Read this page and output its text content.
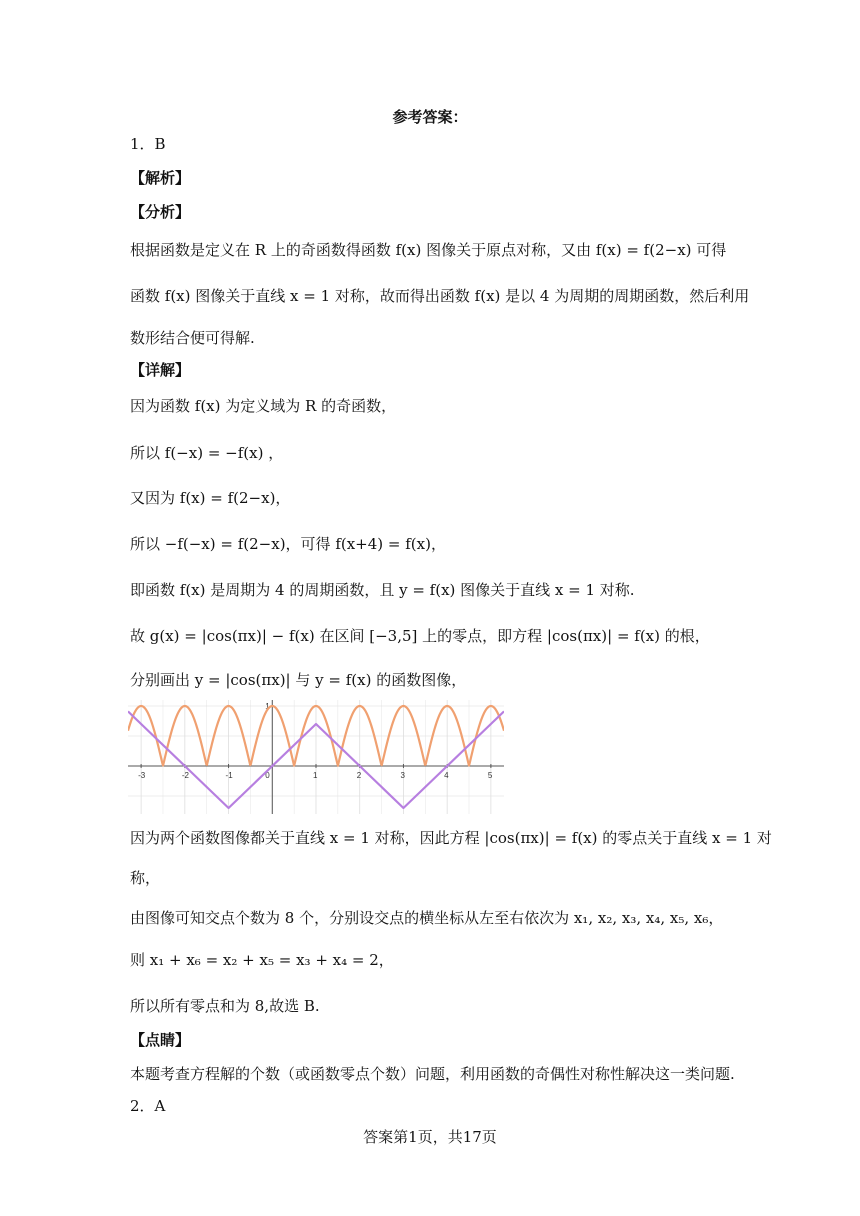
参考答案：
1．B
【解析】
【分析】
根据函数是定义在 R 上的奇函数得函数 f(x) 图像关于原点对称，又由 f(x) = f(2−x) 可得
函数 f(x) 图像关于直线 x = 1 对称，故而得出函数 f(x) 是以 4 为周期的周期函数，然后利用
数形结合便可得解.
【详解】
因为函数 f(x) 为定义域为 R 的奇函数，
所以 f(−x) = −f(x) ，
又因为 f(x) = f(2−x)，
所以 −f(−x) = f(2−x)，可得 f(x+4) = f(x)，
即函数 f(x) 是周期为 4 的周期函数，且 y = f(x) 图像关于直线 x = 1 对称.
故 g(x) = |cos(πx)| − f(x) 在区间 [−3,5] 上的零点，即方程 |cos(πx)| = f(x) 的根，
分别画出 y = |cos(πx)| 与 y = f(x) 的函数图像，
-3	-2	-1	0	1	2	3	4	5
1
因为两个函数图像都关于直线 x = 1 对称，因此方程 |cos(πx)| = f(x) 的零点关于直线 x = 1 对
称，
由图像可知交点个数为 8 个，分别设交点的横坐标从左至右依次为 x₁, x₂, x₃, x₄, x₅, x₆，
则 x₁ + x₆ = x₂ + x₅ = x₃ + x₄ = 2，
所以所有零点和为 8,故选 B.
【点睛】
本题考查方程解的个数（或函数零点个数）问题，利用函数的奇偶性对称性解决这一类问题.
2．A
答案第1页，共17页
